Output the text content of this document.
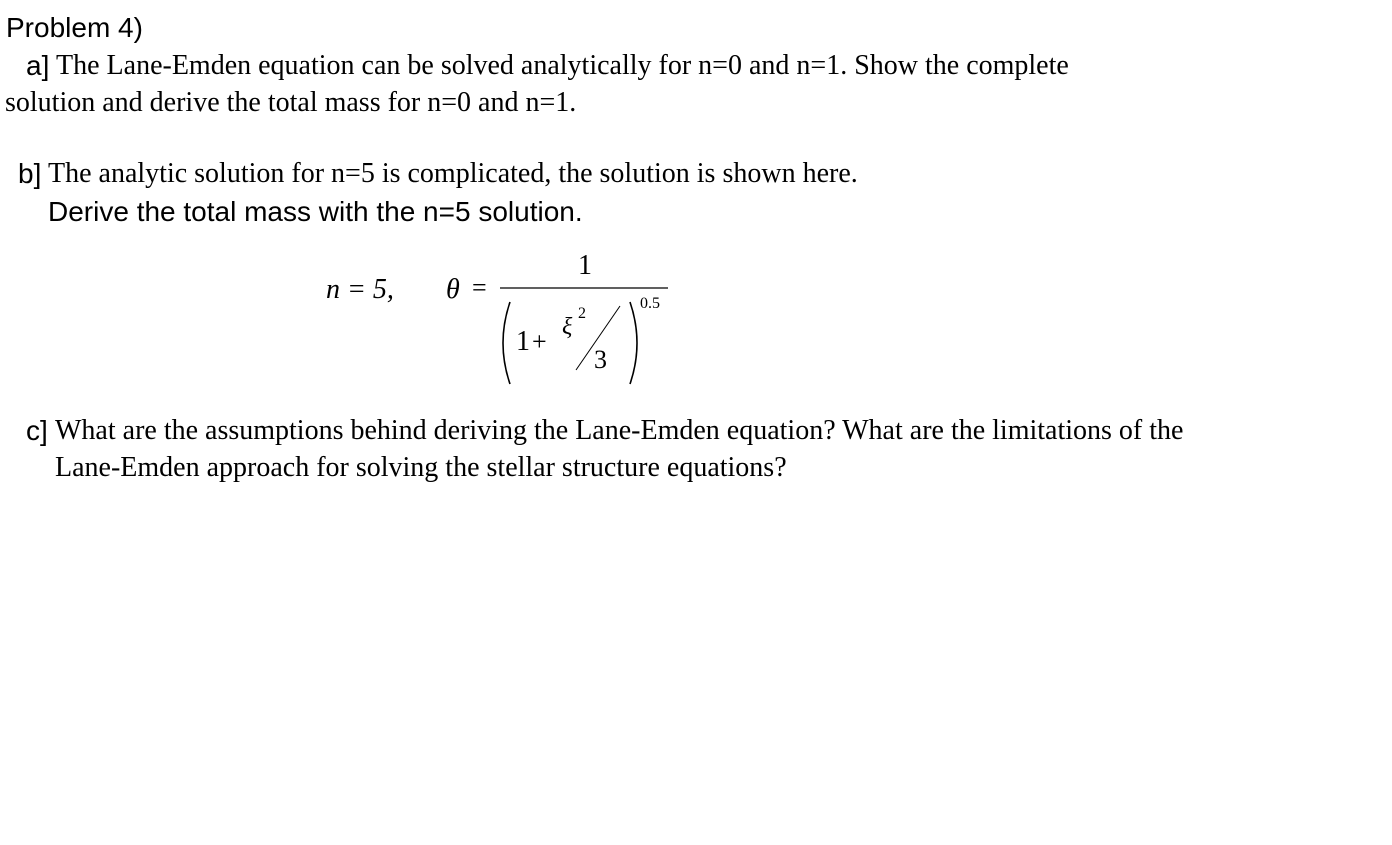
Problem 4)
a] The Lane-Emden equation can be solved analytically for n=0 and n=1. Show the complete
solution and derive the total mass for n=0 and n=1.
b] The analytic solution for n=5 is complicated, the solution is shown here.
Derive the total mass with the n=5 solution.
n = 5, θ =
1
1 + ξ
2
3
0.5
c] What are the assumptions behind deriving the Lane-Emden equation? What are the limitations of the
Lane-Emden approach for solving the stellar structure equations?
